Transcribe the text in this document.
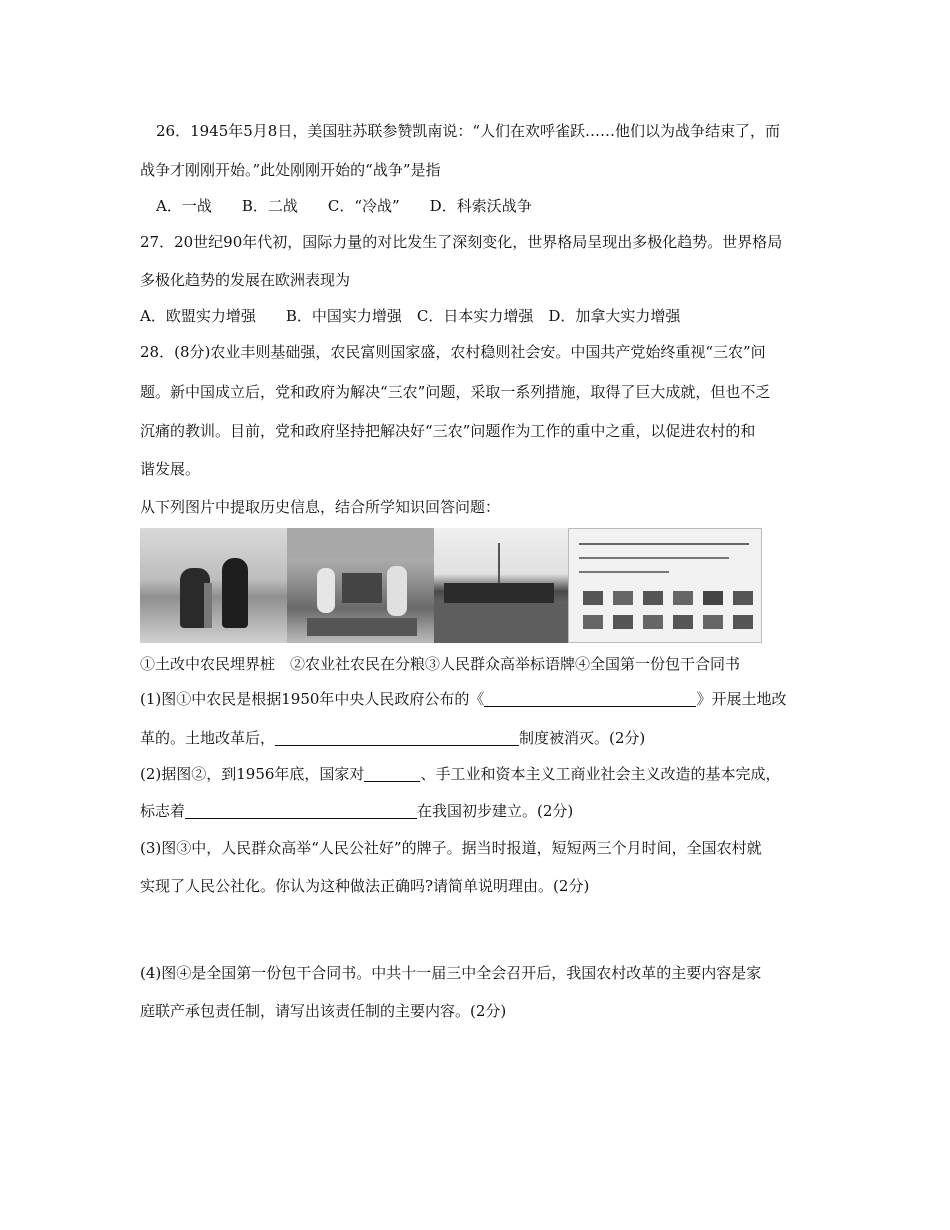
26．1945年5月8日，美国驻苏联参赞凯南说：“人们在欢呼雀跃……他们以为战争结束了，而
战争才刚刚开始。”此处刚刚开始的“战争”是指
A．一战　　B．二战　　C．“冷战”　　D．科索沃战争
27．20世纪90年代初，国际力量的对比发生了深刻变化，世界格局呈现出多极化趋势。世界格局
多极化趋势的发展在欧洲表现为
A．欧盟实力增强　　B．中国实力增强　C．日本实力增强　D．加拿大实力增强
28．(8分)农业丰则基础强，农民富则国家盛，农村稳则社会安。中国共产党始终重视“三农”问
题。新中国成立后，党和政府为解决“三农”问题，采取一系列措施，取得了巨大成就，但也不乏
沉痛的教训。目前，党和政府坚持把解决好“三农”问题作为工作的重中之重，以促进农村的和
谐发展。
从下列图片中提取历史信息，结合所学知识回答问题：
①土改中农民埋界桩　②农业社农民在分粮③人民群众高举标语牌④全国第一份包干合同书
(1)图①中农民是根据1950年中央人民政府公布的《	》开展土地改
革的。土地改革后，	制度被消灭。(2分)
(2)据图②，到1956年底，国家对	、手工业和资本主义工商业社会主义改造的基本完成，
标志着	在我国初步建立。(2分)
(3)图③中，人民群众高举“人民公社好”的牌子。据当时报道，短短两三个月时间，全国农村就
实现了人民公社化。你认为这种做法正确吗?请简单说明理由。(2分)
(4)图④是全国第一份包干合同书。中共十一届三中全会召开后，我国农村改革的主要内容是家
庭联产承包责任制，请写出该责任制的主要内容。(2分)
